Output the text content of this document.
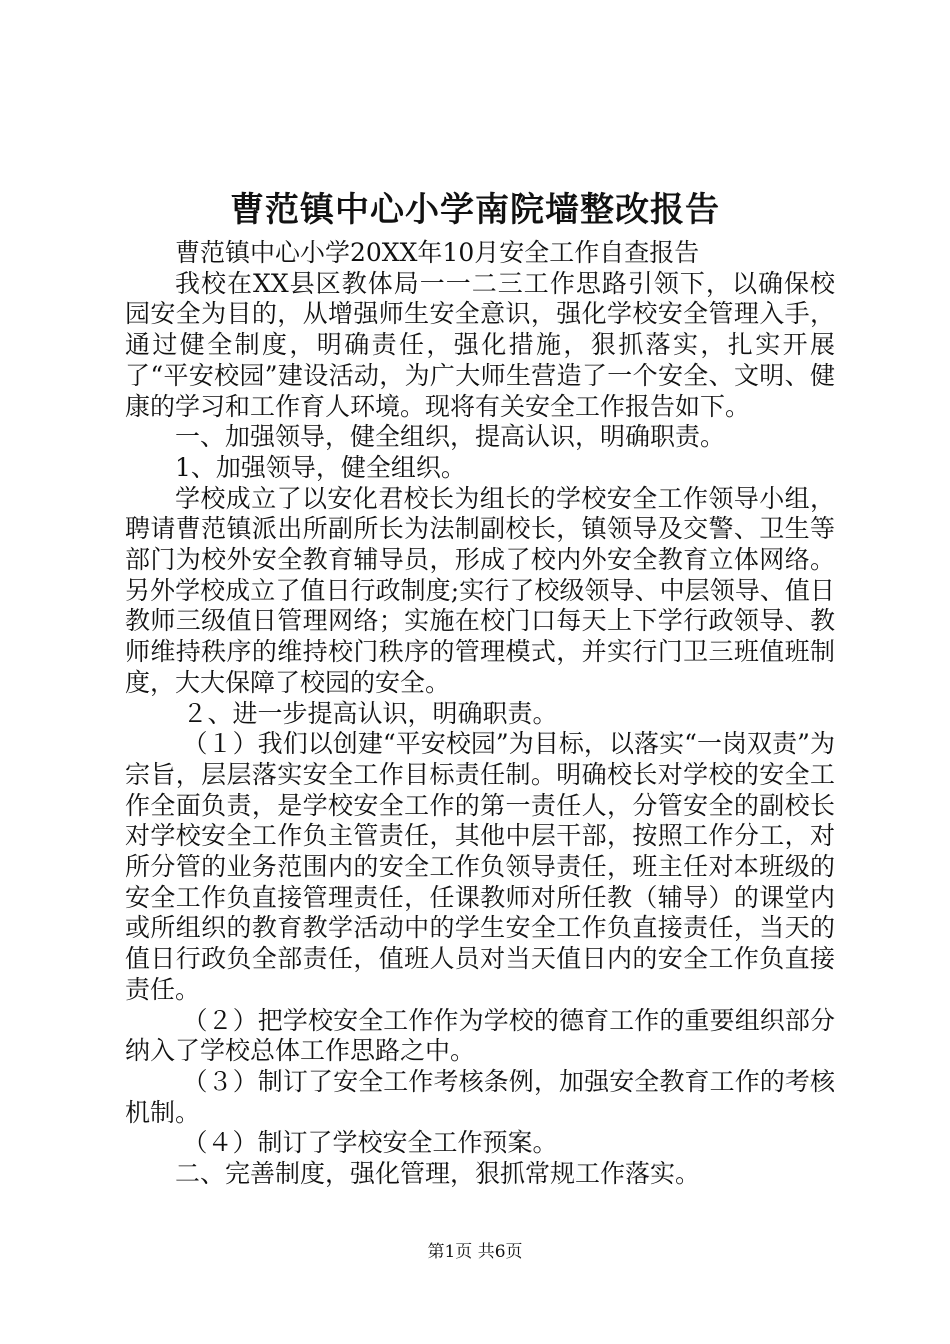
曹范镇中心小学南院墙整改报告

曹范镇中心小学20XX年10月安全工作自查报告

我校在XX县区教体局一一二三工作思路引领下，以确保校园安全为目的，从增强师生安全意识，强化学校安全管理入手，通过健全制度，明确责任，强化措施，狠抓落实，扎实开展了“平安校园”建设活动，为广大师生营造了一个安全、文明、健康的学习和工作育人环境。现将有关安全工作报告如下。

一、加强领导，健全组织，提高认识，明确职责。

1、加强领导，健全组织。

学校成立了以安化君校长为组长的学校安全工作领导小组，聘请曹范镇派出所副所长为法制副校长，镇领导及交警、卫生等部门为校外安全教育辅导员，形成了校内外安全教育立体网络。另外学校成立了值日行政制度;实行了校级领导、中层领导、值日教师三级值日管理网络；实施在校门口每天上下学行政领导、教师维持秩序的维持校门秩序的管理模式，并实行门卫三班值班制度，大大保障了校园的安全。

２、进一步提高认识，明确职责。

（１）我们以创建“平安校园”为目标，以落实“一岗双责”为宗旨，层层落实安全工作目标责任制。明确校长对学校的安全工作全面负责，是学校安全工作的第一责任人，分管安全的副校长对学校安全工作负主管责任，其他中层干部，按照工作分工，对所分管的业务范围内的安全工作负领导责任，班主任对本班级的安全工作负直接管理责任，任课教师对所任教（辅导）的课堂内或所组织的教育教学活动中的学生安全工作负直接责任，当天的值日行政负全部责任，值班人员对当天值日内的安全工作负直接责任。

（２）把学校安全工作作为学校的德育工作的重要组织部分纳入了学校总体工作思路之中。

（３）制订了安全工作考核条例，加强安全教育工作的考核机制。

（４）制订了学校安全工作预案。

二、完善制度，强化管理，狠抓常规工作落实。

第1页 共6页
